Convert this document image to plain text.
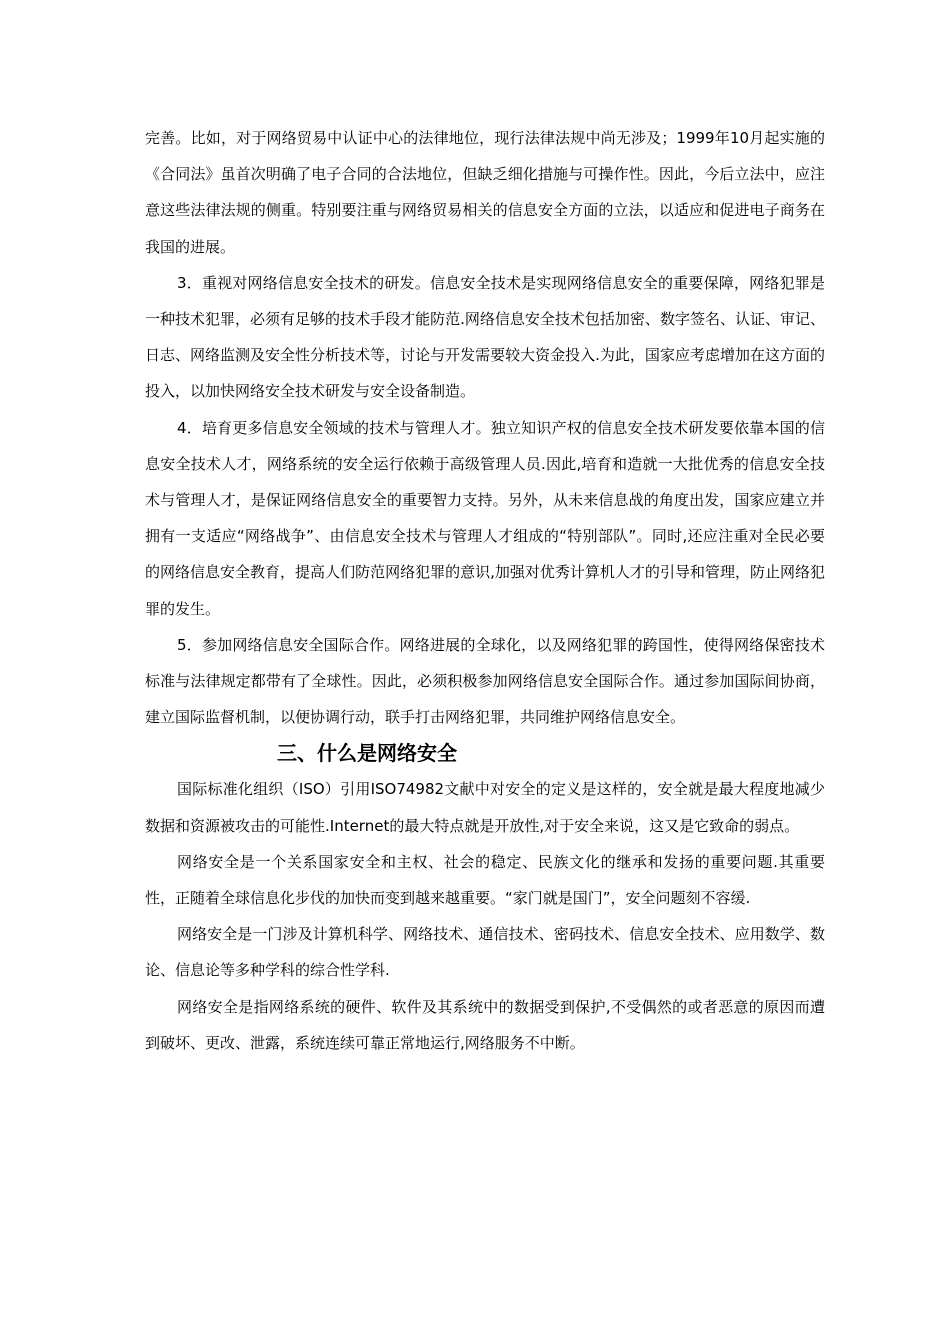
完善。比如，对于网络贸易中认证中心的法律地位，现行法律法规中尚无涉及；1999年10月起实施的《合同法》虽首次明确了电子合同的合法地位，但缺乏细化措施与可操作性。因此，今后立法中，应注意这些法律法规的侧重。特别要注重与网络贸易相关的信息安全方面的立法，以适应和促进电子商务在我国的进展。

3．重视对网络信息安全技术的研发。信息安全技术是实现网络信息安全的重要保障，网络犯罪是一种技术犯罪，必须有足够的技术手段才能防范.网络信息安全技术包括加密、数字签名、认证、审记、日志、网络监测及安全性分析技术等，讨论与开发需要较大资金投入.为此，国家应考虑增加在这方面的投入，以加快网络安全技术研发与安全设备制造。

4．培育更多信息安全领域的技术与管理人才。独立知识产权的信息安全技术研发要依靠本国的信息安全技术人才，网络系统的安全运行依赖于高级管理人员.因此,培育和造就一大批优秀的信息安全技术与管理人才，是保证网络信息安全的重要智力支持。另外，从未来信息战的角度出发，国家应建立并拥有一支适应“网络战争”、由信息安全技术与管理人才组成的“特别部队”。同时,还应注重对全民必要的网络信息安全教育，提高人们防范网络犯罪的意识,加强对优秀计算机人才的引导和管理，防止网络犯罪的发生。

5．参加网络信息安全国际合作。网络进展的全球化，以及网络犯罪的跨国性，使得网络保密技术标准与法律规定都带有了全球性。因此，必须积极参加网络信息安全国际合作。通过参加国际间协商，建立国际监督机制，以便协调行动，联手打击网络犯罪，共同维护网络信息安全。

三、什么是网络安全

国际标准化组织（ISO）引用ISO74982文献中对安全的定义是这样的，安全就是最大程度地减少数据和资源被攻击的可能性.Internet的最大特点就是开放性,对于安全来说，这又是它致命的弱点。

网络安全是一个关系国家安全和主权、社会的稳定、民族文化的继承和发扬的重要问题.其重要性，正随着全球信息化步伐的加快而变到越来越重要。“家门就是国门”，安全问题刻不容缓.

网络安全是一门涉及计算机科学、网络技术、通信技术、密码技术、信息安全技术、应用数学、数论、信息论等多种学科的综合性学科.

网络安全是指网络系统的硬件、软件及其系统中的数据受到保护,不受偶然的或者恶意的原因而遭到破坏、更改、泄露，系统连续可靠正常地运行,网络服务不中断。
